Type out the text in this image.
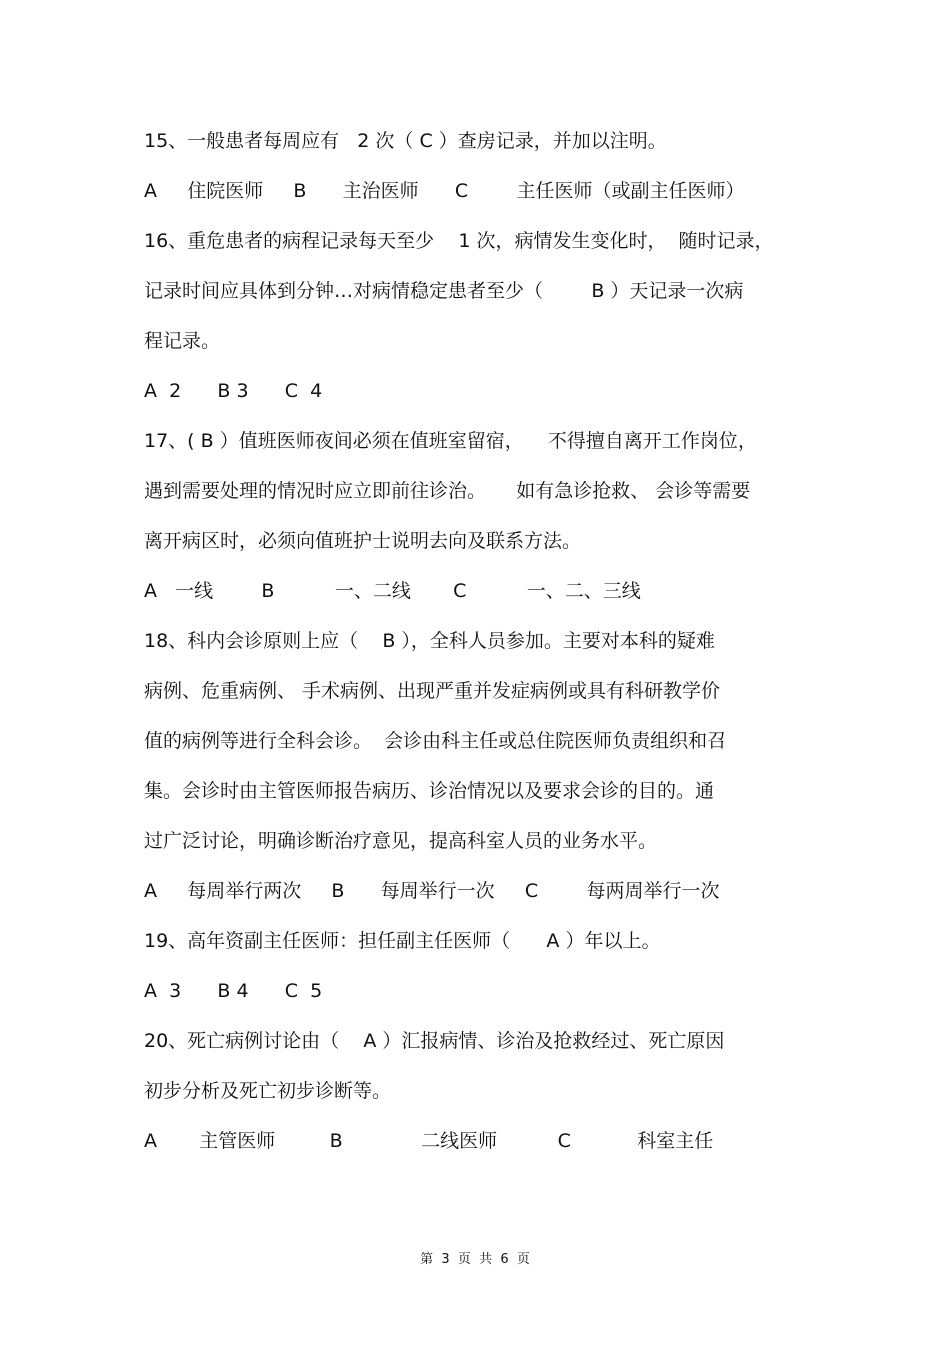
15、一般患者每周应有   2 次（ C ）查房记录，并加以注明。
A     住院医师     B      主治医师      C        主任医师（或副主任医师）
16、重危患者的病程记录每天至少    1 次，病情发生变化时，  随时记录，
记录时间应具体到分钟…对病情稳定患者至少（        B ）天记录一次病
程记录。
A  2      B 3      C  4
17、( B ）值班医师夜间必须在值班室留宿，    不得擅自离开工作岗位，
遇到需要处理的情况时应立即前往诊治。     如有急诊抢救、 会诊等需要
离开病区时，必须向值班护士说明去向及联系方法。
A   一线        B          一、二线       C          一、二、三线
18、科内会诊原则上应（    B ），全科人员参加。主要对本科的疑难
病例、危重病例、 手术病例、出现严重并发症病例或具有科研教学价
值的病例等进行全科会诊。  会诊由科主任或总住院医师负责组织和召
集。会诊时由主管医师报告病历、诊治情况以及要求会诊的目的。通
过广泛讨论，明确诊断治疗意见，提高科室人员的业务水平。
A     每周举行两次     B      每周举行一次     C        每两周举行一次
19、高年资副主任医师：担任副主任医师（      A ）年以上。
A  3      B 4      C  5
20、死亡病例讨论由（    A ）汇报病情、诊治及抢救经过、死亡原因
初步分析及死亡初步诊断等。
A       主管医师         B             二线医师          C           科室主任
第  3  页  共  6  页
